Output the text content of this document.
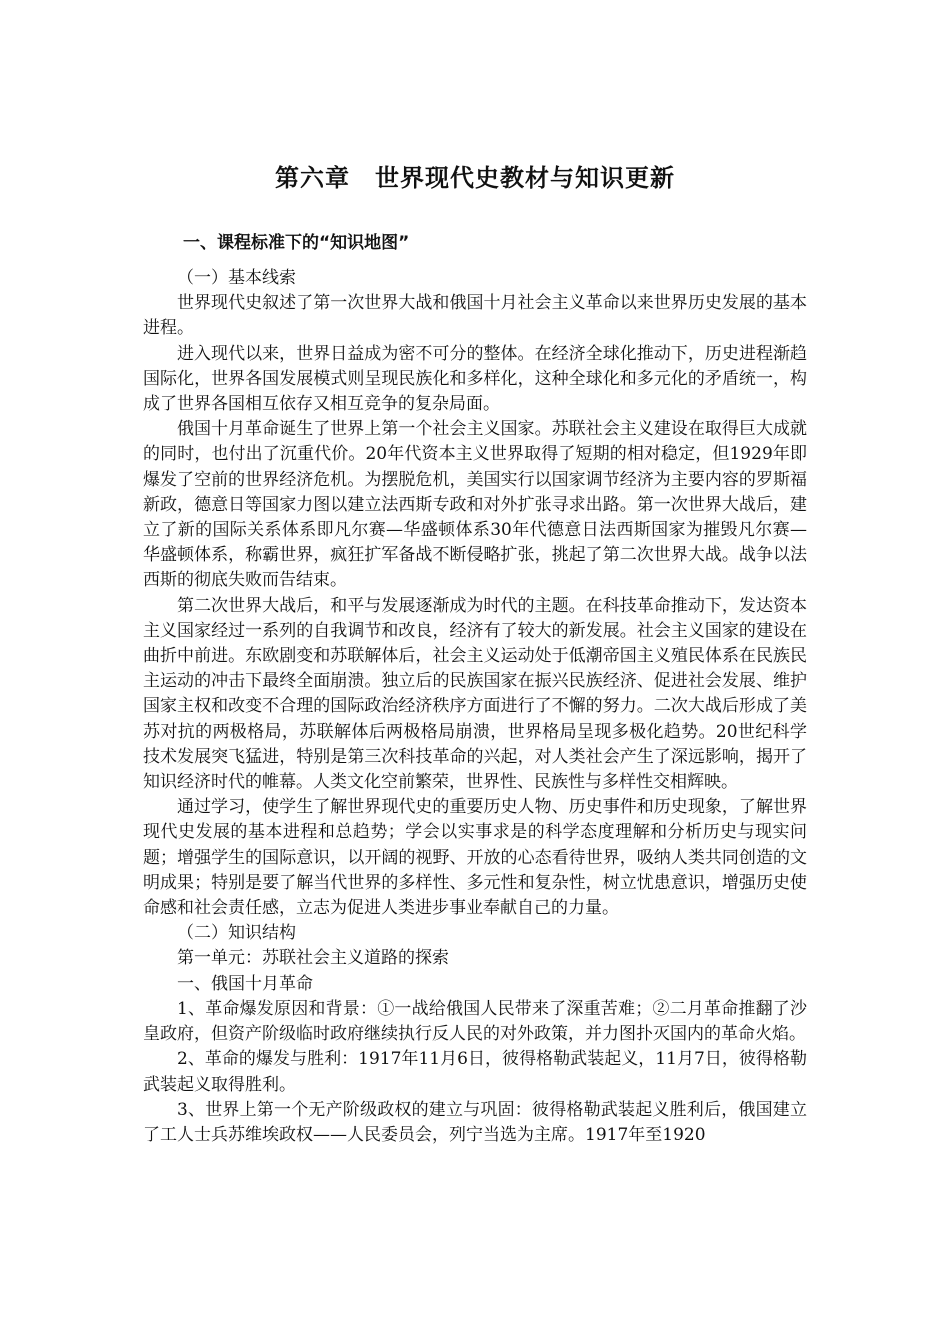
第六章　世界现代史教材与知识更新
一、课程标准下的“知识地图”

（一）基本线索

世界现代史叙述了第一次世界大战和俄国十月社会主义革命以来世界历史发展的基本进程。

进入现代以来，世界日益成为密不可分的整体。在经济全球化推动下，历史进程渐趋国际化，世界各国发展模式则呈现民族化和多样化，这种全球化和多元化的矛盾统一，构成了世界各国相互依存又相互竞争的复杂局面。

俄国十月革命诞生了世界上第一个社会主义国家。苏联社会主义建设在取得巨大成就的同时，也付出了沉重代价。20年代资本主义世界取得了短期的相对稳定，但1929年即爆发了空前的世界经济危机。为摆脱危机，美国实行以国家调节经济为主要内容的罗斯福新政，德意日等国家力图以建立法西斯专政和对外扩张寻求出路。第一次世界大战后，建立了新的国际关系体系即凡尔赛—华盛顿体系30年代德意日法西斯国家为摧毁凡尔赛—华盛顿体系，称霸世界，疯狂扩军备战不断侵略扩张，挑起了第二次世界大战。战争以法西斯的彻底失败而告结束。

第二次世界大战后，和平与发展逐渐成为时代的主题。在科技革命推动下，发达资本主义国家经过一系列的自我调节和改良，经济有了较大的新发展。社会主义国家的建设在曲折中前进。东欧剧变和苏联解体后，社会主义运动处于低潮帝国主义殖民体系在民族民主运动的冲击下最终全面崩溃。独立后的民族国家在振兴民族经济、促进社会发展、维护国家主权和改变不合理的国际政治经济秩序方面进行了不懈的努力。二次大战后形成了美苏对抗的两极格局，苏联解体后两极格局崩溃，世界格局呈现多极化趋势。20世纪科学技术发展突飞猛进，特别是第三次科技革命的兴起，对人类社会产生了深远影响，揭开了知识经济时代的帷幕。人类文化空前繁荣，世界性、民族性与多样性交相辉映。

通过学习，使学生了解世界现代史的重要历史人物、历史事件和历史现象，了解世界现代史发展的基本进程和总趋势；学会以实事求是的科学态度理解和分析历史与现实问题；增强学生的国际意识，以开阔的视野、开放的心态看待世界，吸纳人类共同创造的文明成果；特别是要了解当代世界的多样性、多元性和复杂性，树立忧患意识，增强历史使命感和社会责任感，立志为促进人类进步事业奉献自己的力量。

（二）知识结构

第一单元：苏联社会主义道路的探索

一、俄国十月革命

1、革命爆发原因和背景：①一战给俄国人民带来了深重苦难；②二月革命推翻了沙皇政府，但资产阶级临时政府继续执行反人民的对外政策，并力图扑灭国内的革命火焰。

2、革命的爆发与胜利：1917年11月6日，彼得格勒武装起义，11月7日，彼得格勒武装起义取得胜利。

3、世界上第一个无产阶级政权的建立与巩固：彼得格勒武装起义胜利后，俄国建立了工人士兵苏维埃政权——人民委员会，列宁当选为主席。1917年至1920
